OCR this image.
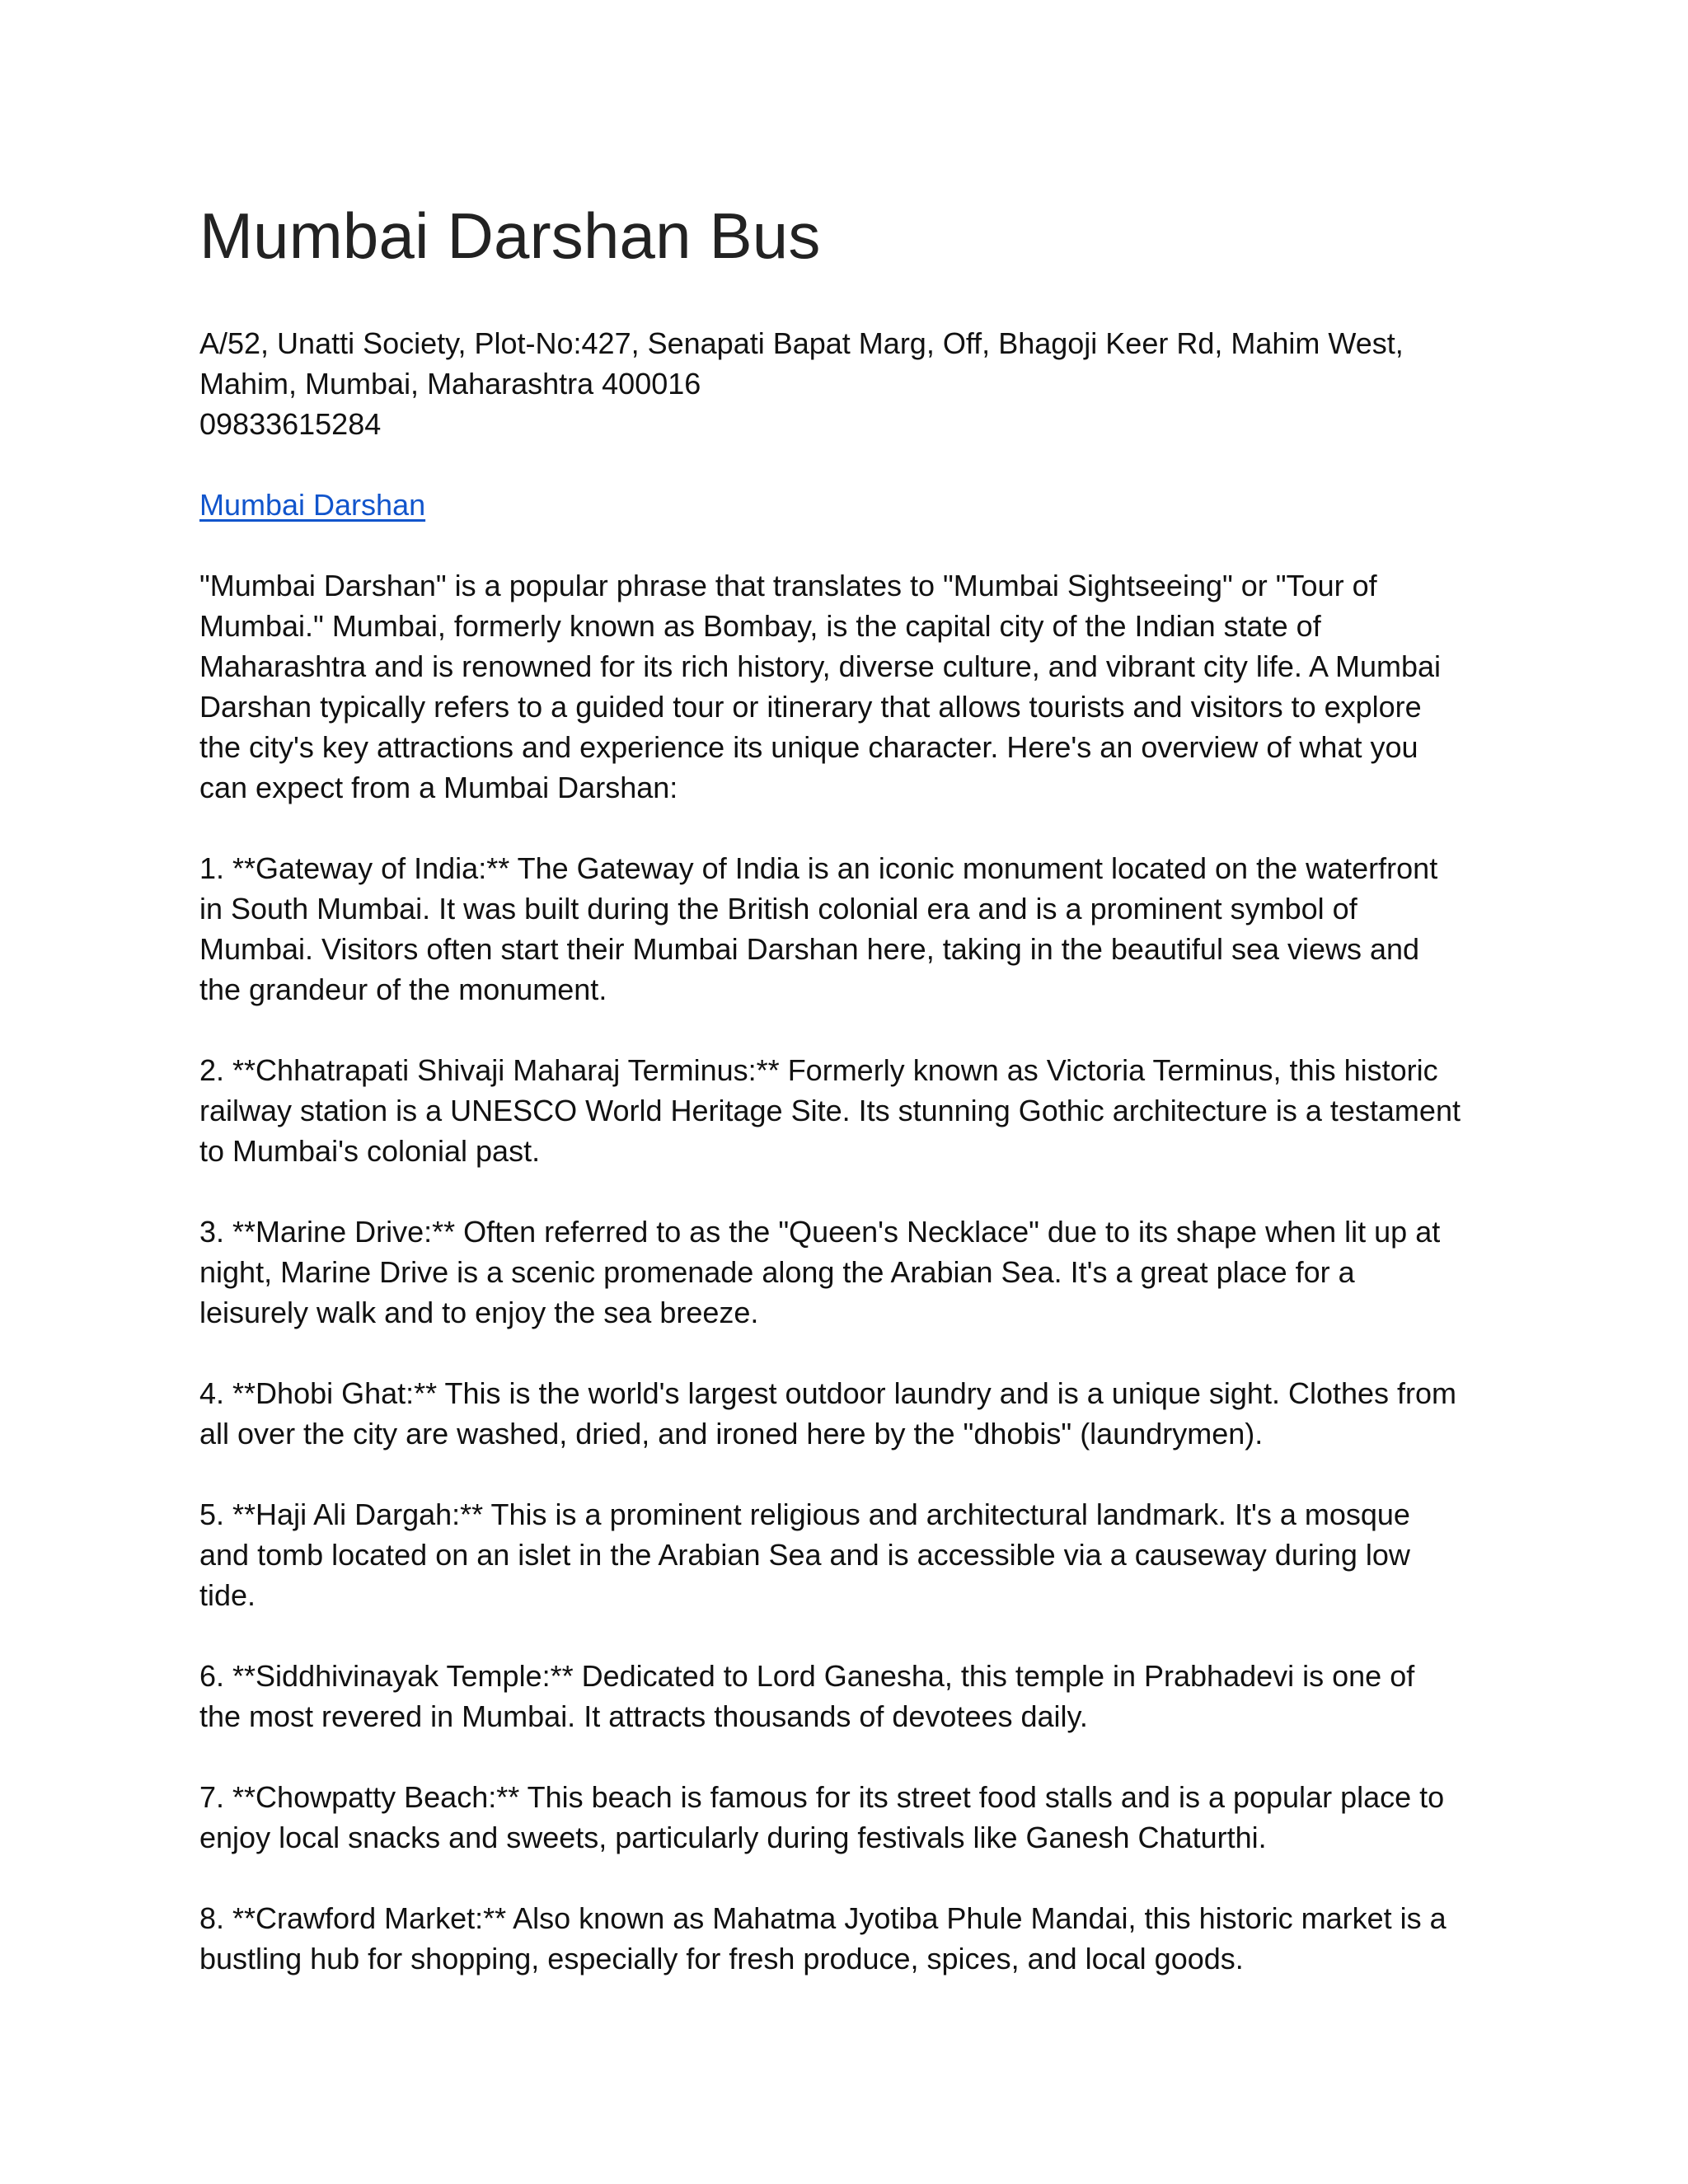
Mumbai Darshan Bus

A/52, Unatti Society, Plot-No:427, Senapati Bapat Marg, Off, Bhagoji Keer Rd, Mahim West,
Mahim, Mumbai, Maharashtra 400016
09833615284

Mumbai Darshan

"Mumbai Darshan" is a popular phrase that translates to "Mumbai Sightseeing" or "Tour of
Mumbai." Mumbai, formerly known as Bombay, is the capital city of the Indian state of
Maharashtra and is renowned for its rich history, diverse culture, and vibrant city life. A Mumbai
Darshan typically refers to a guided tour or itinerary that allows tourists and visitors to explore
the city's key attractions and experience its unique character. Here's an overview of what you
can expect from a Mumbai Darshan:

1. **Gateway of India:** The Gateway of India is an iconic monument located on the waterfront
in South Mumbai. It was built during the British colonial era and is a prominent symbol of
Mumbai. Visitors often start their Mumbai Darshan here, taking in the beautiful sea views and
the grandeur of the monument.

2. **Chhatrapati Shivaji Maharaj Terminus:** Formerly known as Victoria Terminus, this historic
railway station is a UNESCO World Heritage Site. Its stunning Gothic architecture is a testament
to Mumbai's colonial past.

3. **Marine Drive:** Often referred to as the "Queen's Necklace" due to its shape when lit up at
night, Marine Drive is a scenic promenade along the Arabian Sea. It's a great place for a
leisurely walk and to enjoy the sea breeze.

4. **Dhobi Ghat:** This is the world's largest outdoor laundry and is a unique sight. Clothes from
all over the city are washed, dried, and ironed here by the "dhobis" (laundrymen).

5. **Haji Ali Dargah:** This is a prominent religious and architectural landmark. It's a mosque
and tomb located on an islet in the Arabian Sea and is accessible via a causeway during low
tide.

6. **Siddhivinayak Temple:** Dedicated to Lord Ganesha, this temple in Prabhadevi is one of
the most revered in Mumbai. It attracts thousands of devotees daily.

7. **Chowpatty Beach:** This beach is famous for its street food stalls and is a popular place to
enjoy local snacks and sweets, particularly during festivals like Ganesh Chaturthi.

8. **Crawford Market:** Also known as Mahatma Jyotiba Phule Mandai, this historic market is a
bustling hub for shopping, especially for fresh produce, spices, and local goods.
